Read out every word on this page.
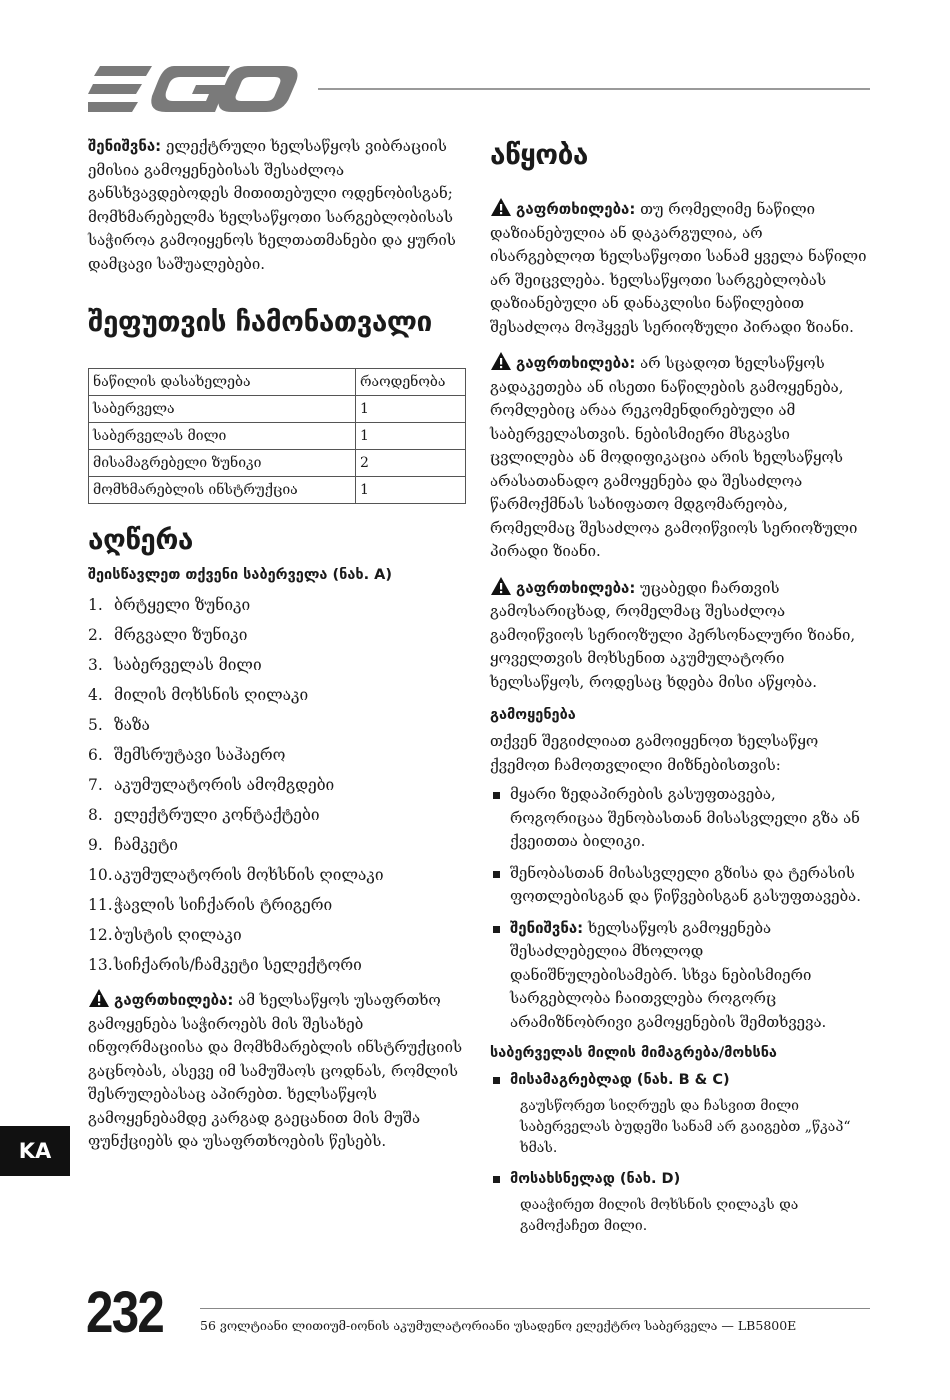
შენიშვნა: ელექტრული ხელსაწყოს ვიბრაციის ემისია გამოყენებისას შესაძლოა განსხვავდებოდეს მითითებული ოდენობისგან; მომხმარებელმა ხელსაწყოთი სარგებლობისას საჭიროა გამოიყენოს ხელთათმანები და ყურის დამცავი საშუალებები.

შეფუთვის ჩამონათვალი
ნაწილის დასახელება	რაოდენობა
საბერველა	1
საბერველას მილი	1
მისამაგრებელი ზუნიკი	2
მომხმარებლის ინსტრუქცია	1
აღწერა
შეისწავლეთ თქვენი საბერველა (ნახ. A)
1. ბრტყელი ზუნიკი
2. მრგვალი ზუნიკი
3. საბერველას მილი
4. მილის მოხსნის ღილაკი
5. ზაზა
6. შემსრუტავი საჰაერო
7. აკუმულატორის ამომგდები
8. ელექტრული კონტაქტები
9. ჩამკეტი
10. აკუმულატორის მოხსნის ღილაკი
11. ჭავლის სიჩქარის ტრიგერი
12. ბუსტის ღილაკი
13. სიჩქარის/ჩამკეტი სელექტორი

გაფრთხილება: ამ ხელსაწყოს უსაფრთხო გამოყენება საჭიროებს მის შესახებ ინფორმაციისა და მომხმარებლის ინსტრუქციის გაცნობას, ასევე იმ სამუშაოს ცოდნას, რომლის შესრულებასაც აპირებთ. ხელსაწყოს გამოყენებამდე კარგად გაეცანით მის მუშა ფუნქციებს და უსაფრთხოების წესებს.

აწყობა

გაფრთხილება: თუ რომელიმე ნაწილი დაზიანებულია ან დაკარგულია, არ ისარგებლოთ ხელსაწყოთი სანამ ყველა ნაწილი არ შეიცვლება. ხელსაწყოთი სარგებლობას დაზიანებული ან დანაკლისი ნაწილებით შესაძლოა მოჰყვეს სერიოზული პირადი ზიანი.

გაფრთხილება: არ სცადოთ ხელსაწყოს გადაკეთება ან ისეთი ნაწილების გამოყენება, რომლებიც არაა რეკომენდირებული ამ საბერველასთვის. ნებისმიერი მსგავსი ცვლილება ან მოდიფიკაცია არის ხელსაწყოს არასათანადო გამოყენება და შესაძლოა წარმოქმნას სახიფათო მდგომარეობა, რომელმაც შესაძლოა გამოიწვიოს სერიოზული პირადი ზიანი.

გაფრთხილება: უცაბედი ჩართვის გამოსარიცხად, რომელმაც შესაძლოა გამოიწვიოს სერიოზული პერსონალური ზიანი, ყოველთვის მოხსენით აკუმულატორი ხელსაწყოს, როდესაც ხდება მისი აწყობა.

გამოყენება

თქვენ შეგიძლიათ გამოიყენოთ ხელსაწყო ქვემოთ ჩამოთვლილი მიზნებისთვის:

მყარი ზედაპირების გასუფთავება, როგორიცაა შენობასთან მისასვლელი გზა ან ქვეითთა ბილიკი.
შენობასთან მისასვლელი გზისა და ტერასის ფოთლებისგან და წიწვებისგან გასუფთავება.
შენიშვნა: ხელსაწყოს გამოყენება შესაძლებელია მხოლოდ დანიშნულებისამებრ. სხვა ნებისმიერი სარგებლობა ჩაითვლება როგორც არამიზნობრივი გამოყენების შემთხვევა.
საბერველას მილის მიმაგრება/მოხსნა
მისამაგრებლად (ნახ. B & C)

გაუსწორეთ სიღრუეს და ჩასვით მილი საბერველას ბუდეში სანამ არ გაიგებთ „წკაპ“ ხმას.

მოსახსნელად (ნახ. D)

დააჭირეთ მილის მოხსნის ღილაკს და გამოქაჩეთ მილი.

KA
232	56 ვოლტიანი ლითიუმ-იონის აკუმულატორიანი უსადენო ელექტრო საბერველა — LB5800E
